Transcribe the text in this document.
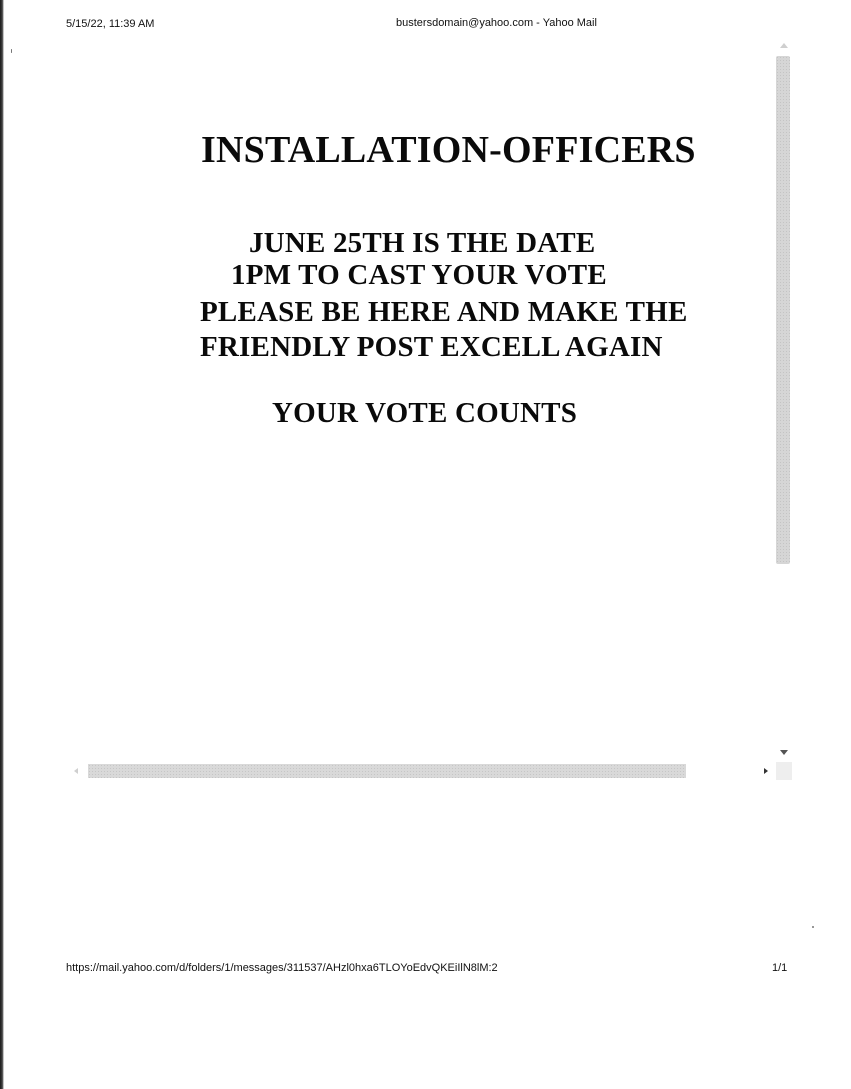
5/15/22, 11:39 AM	bustersdomain@yahoo.com - Yahoo Mail
INSTALLATION-OFFICERS
JUNE 25TH IS THE DATE
1PM TO CAST YOUR VOTE
PLEASE BE HERE AND MAKE THE
FRIENDLY POST EXCELL AGAIN
YOUR VOTE COUNTS
https://mail.yahoo.com/d/folders/1/messages/311537/AHzl0hxa6TLOYoEdvQKEiIlN8lM:2	1/1
